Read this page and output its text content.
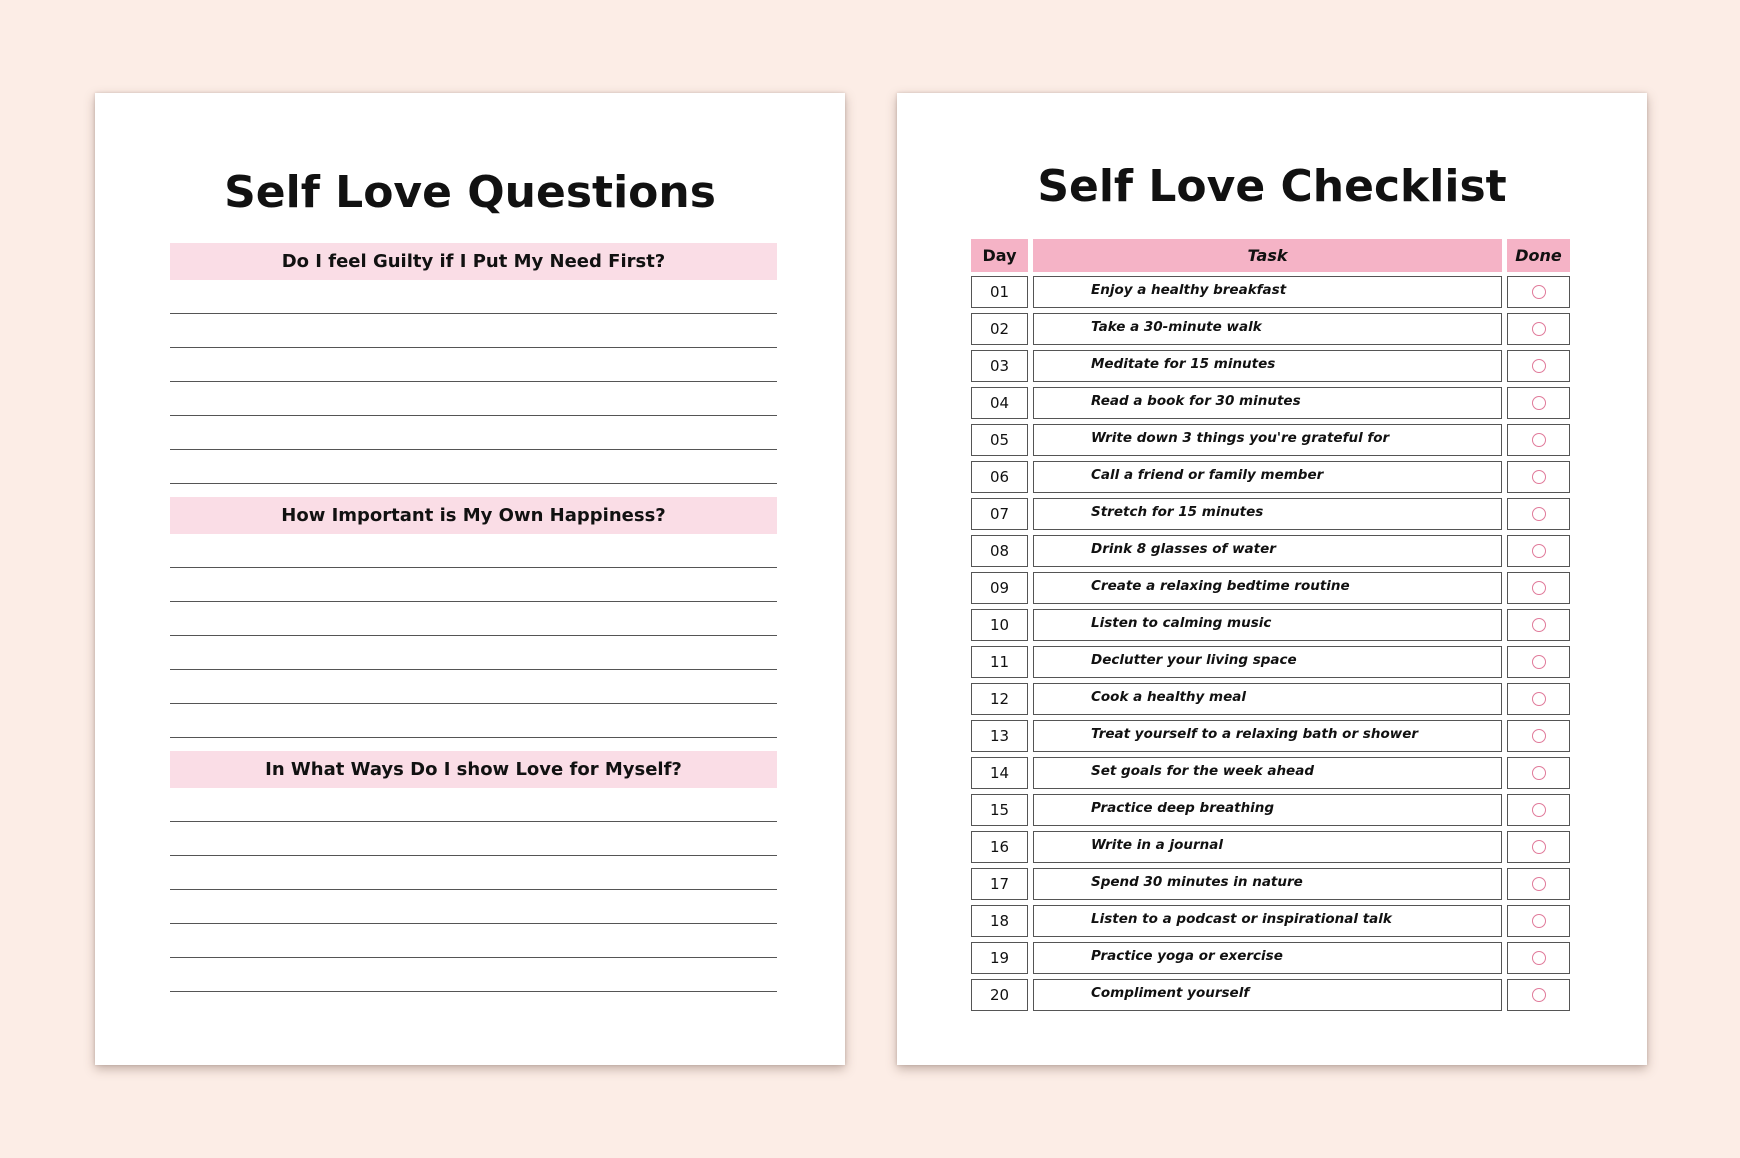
Self Love Questions
Do I feel Guilty if I Put My Need First?
How Important is My Own Happiness?
In What Ways Do I show Love for Myself?
Self Love Checklist
Day	Task	Done
01	Enjoy a healthy breakfast
02	Take a 30-minute walk
03	Meditate for 15 minutes
04	Read a book for 30 minutes
05	Write down 3 things you're grateful for
06	Call a friend or family member
07	Stretch for 15 minutes
08	Drink 8 glasses of water
09	Create a relaxing bedtime routine
10	Listen to calming music
11	Declutter your living space
12	Cook a healthy meal
13	Treat yourself to a relaxing bath or shower
14	Set goals for the week ahead
15	Practice deep breathing
16	Write in a journal
17	Spend 30 minutes in nature
18	Listen to a podcast or inspirational talk
19	Practice yoga or exercise
20	Compliment yourself
